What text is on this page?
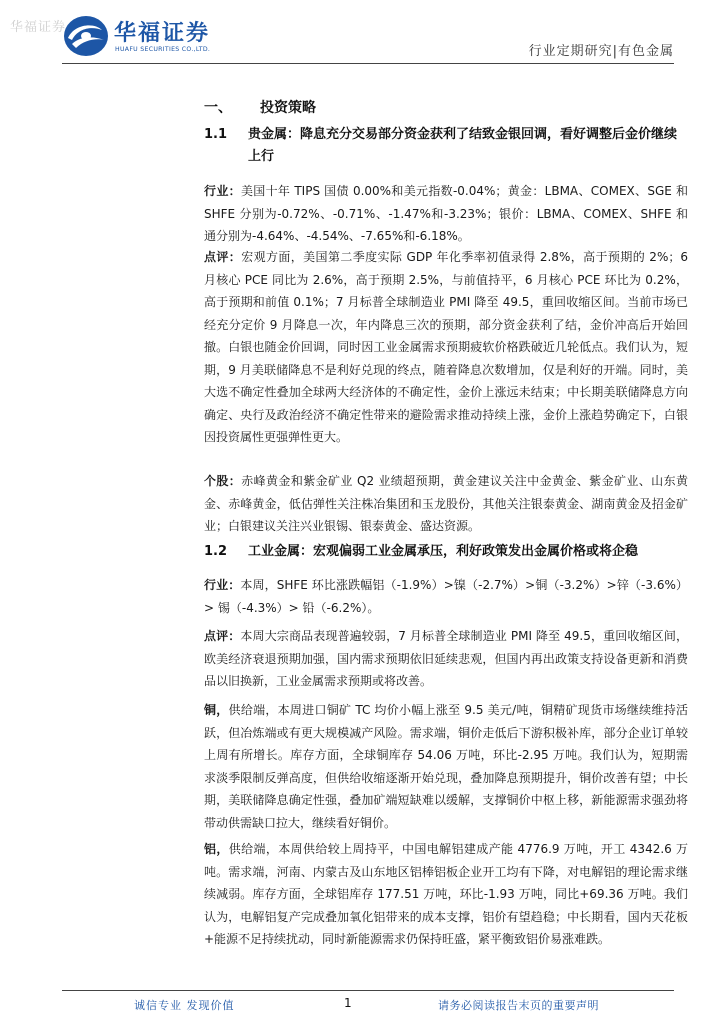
华福证券 华福证券
HUAFU SECURITIES CO.,LTD.	行业定期研究|有色金属
一、 投资策略
1.1 贵金属：降息充分交易部分资金获利了结致金银回调，看好调整后金价继续上行
行业：美国十年 TIPS 国债 0.00%和美元指数-0.04%；黄金：LBMA、COMEX、SGE 和 SHFE 分别为-0.72%、-0.71%、-1.47%和-3.23%；银价：LBMA、COMEX、SHFE 和通分别为-4.64%、-4.54%、-7.65%和-6.18%。
点评：宏观方面，美国第二季度实际 GDP 年化季率初值录得 2.8%，高于预期的 2%；6 月核心 PCE 同比为 2.6%，高于预期 2.5%，与前值持平，6 月核心 PCE 环比为 0.2%，高于预期和前值 0.1%；7 月标普全球制造业 PMI 降至 49.5，重回收缩区间。当前市场已经充分定价 9 月降息一次，年内降息三次的预期，部分资金获利了结，金价冲高后开始回撤。白银也随金价回调，同时因工业金属需求预期疲软价格跌破近几轮低点。我们认为，短期，9 月美联储降息不是利好兑现的终点，随着降息次数增加，仅是利好的开端。同时，美大选不确定性叠加全球两大经济体的不确定性，金价上涨远未结束；中长期美联储降息方向确定、央行及政治经济不确定性带来的避险需求推动持续上涨，金价上涨趋势确定下，白银因投资属性更强弹性更大。
个股：赤峰黄金和紫金矿业 Q2 业绩超预期，黄金建议关注中金黄金、紫金矿业、山东黄金、赤峰黄金，低估弹性关注株冶集团和玉龙股份，其他关注银泰黄金、湖南黄金及招金矿业；白银建议关注兴业银锡、银泰黄金、盛达资源。
1.2 工业金属：宏观偏弱工业金属承压，利好政策发出金属价格或将企稳
行业：本周，SHFE 环比涨跌幅铝（-1.9%）>镍（-2.7%）>铜（-3.2%）>锌（-3.6%）> 锡（-4.3%）> 铅（-6.2%）。
点评：本周大宗商品表现普遍较弱，7 月标普全球制造业 PMI 降至 49.5，重回收缩区间，欧美经济衰退预期加强，国内需求预期依旧延续悲观，但国内再出政策支持设备更新和消费品以旧换新，工业金属需求预期或将改善。
铜，供给端，本周进口铜矿 TC 均价小幅上涨至 9.5 美元/吨，铜精矿现货市场继续维持活跃，但冶炼端或有更大规模减产风险。需求端，铜价走低后下游积极补库，部分企业订单较上周有所增长。库存方面，全球铜库存 54.06 万吨，环比-2.95 万吨。我们认为，短期需求淡季限制反弹高度，但供给收缩逐渐开始兑现，叠加降息预期提升，铜价改善有望；中长期，美联储降息确定性强，叠加矿端短缺难以缓解，支撑铜价中枢上移，新能源需求强劲将带动供需缺口拉大，继续看好铜价。
铝，供给端，本周供给较上周持平，中国电解铝建成产能 4776.9 万吨，开工 4342.6 万吨。需求端，河南、内蒙古及山东地区铝棒铝板企业开工均有下降，对电解铝的理论需求继续减弱。库存方面，全球铝库存 177.51 万吨，环比-1.93 万吨，同比+69.36 万吨。我们认为，电解铝复产完成叠加氧化铝带来的成本支撑，铝价有望趋稳；中长期看，国内天花板+能源不足持续扰动，同时新能源需求仍保持旺盛，紧平衡致铝价易涨难跌。
诚信专业 发现价值	1	请务必阅读报告末页的重要声明
